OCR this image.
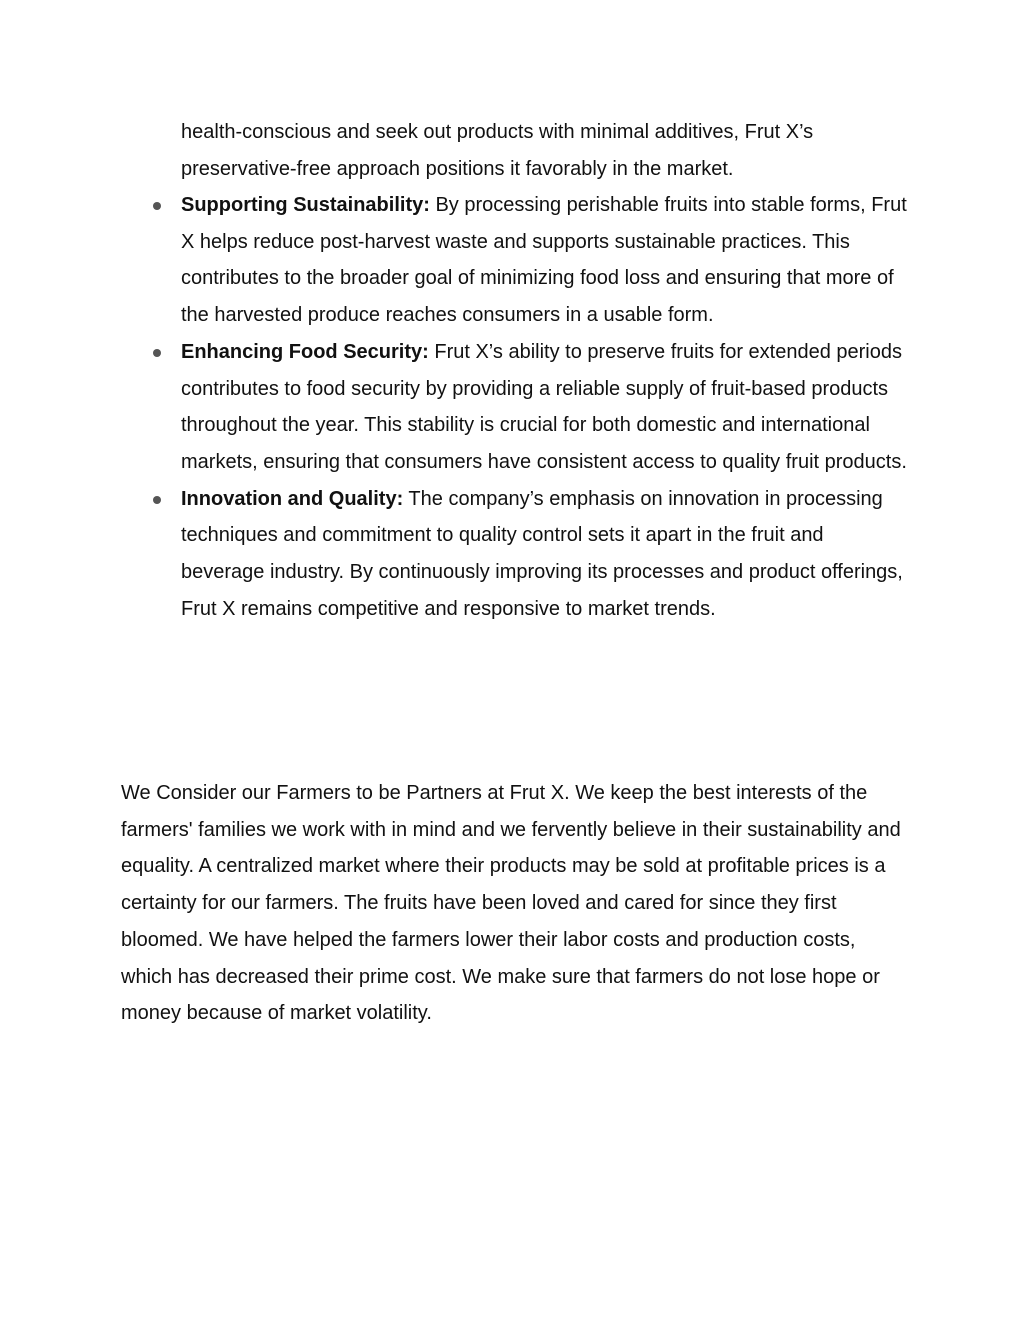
health-conscious and seek out products with minimal additives, Frut X’s preservative-free approach positions it favorably in the market.

Supporting Sustainability: By processing perishable fruits into stable forms, Frut X helps reduce post-harvest waste and supports sustainable practices. This contributes to the broader goal of minimizing food loss and ensuring that more of the harvested produce reaches consumers in a usable form.
Enhancing Food Security: Frut X’s ability to preserve fruits for extended periods contributes to food security by providing a reliable supply of fruit-based products throughout the year. This stability is crucial for both domestic and international markets, ensuring that consumers have consistent access to quality fruit products.
Innovation and Quality: The company’s emphasis on innovation in processing techniques and commitment to quality control sets it apart in the fruit and beverage industry. By continuously improving its processes and product offerings, Frut X remains competitive and responsive to market trends.

We Consider our Farmers to be Partners at Frut X. We keep the best interests of the farmers' families we work with in mind and we fervently believe in their sustainability and equality. A centralized market where their products may be sold at profitable prices is a certainty for our farmers. The fruits have been loved and cared for since they first bloomed. We have helped the farmers lower their labor costs and production costs, which has decreased their prime cost. We make sure that farmers do not lose hope or money because of market volatility.
